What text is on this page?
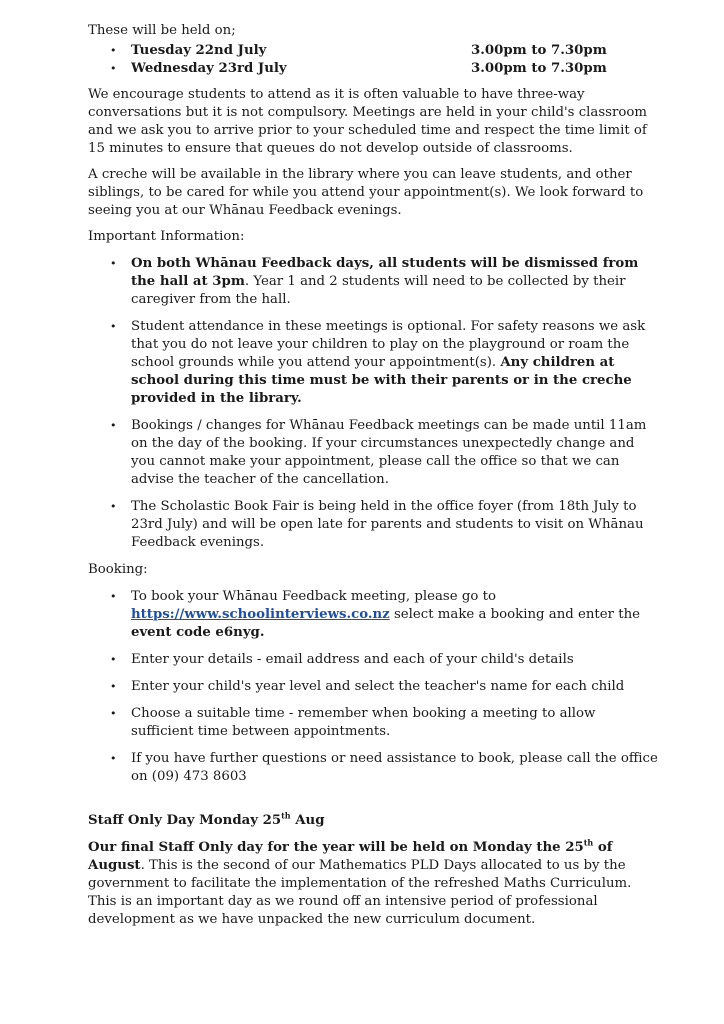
These will be held on;

• Tuesday 22nd July	3.00pm to 7.30pm
• Wednesday 23rd July	3.00pm to 7.30pm

We encourage students to attend as it is often valuable to have three-way conversations but it is not compulsory. Meetings are held in your child's classroom and we ask you to arrive prior to your scheduled time and respect the time limit of 15 minutes to ensure that queues do not develop outside of classrooms.

A creche will be available in the library where you can leave students, and other siblings, to be cared for while you attend your appointment(s). We look forward to seeing you at our Whānau Feedback evenings.

Important Information:

• On both Whānau Feedback days, all students will be dismissed from the hall at 3pm. Year 1 and 2 students will need to be collected by their caregiver from the hall.
• Student attendance in these meetings is optional. For safety reasons we ask that you do not leave your children to play on the playground or roam the school grounds while you attend your appointment(s). Any children at school during this time must be with their parents or in the creche provided in the library.
• Bookings / changes for Whānau Feedback meetings can be made until 11am on the day of the booking. If your circumstances unexpectedly change and you cannot make your appointment, please call the office so that we can advise the teacher of the cancellation.
• The Scholastic Book Fair is being held in the office foyer (from 18th July to 23rd July) and will be open late for parents and students to visit on Whānau Feedback evenings.

Booking:

• To book your Whānau Feedback meeting, please go to https://www.schoolinterviews.co.nz select make a booking and enter the event code e6nyg.
• Enter your details - email address and each of your child's details
• Enter your child's year level and select the teacher's name for each child
• Choose a suitable time - remember when booking a meeting to allow sufficient time between appointments.
• If you have further questions or need assistance to book, please call the office on (09) 473 8603

Staff Only Day Monday 25th Aug

Our final Staff Only day for the year will be held on Monday the 25th of August. This is the second of our Mathematics PLD Days allocated to us by the government to facilitate the implementation of the refreshed Maths Curriculum. This is an important day as we round off an intensive period of professional development as we have unpacked the new curriculum document.
